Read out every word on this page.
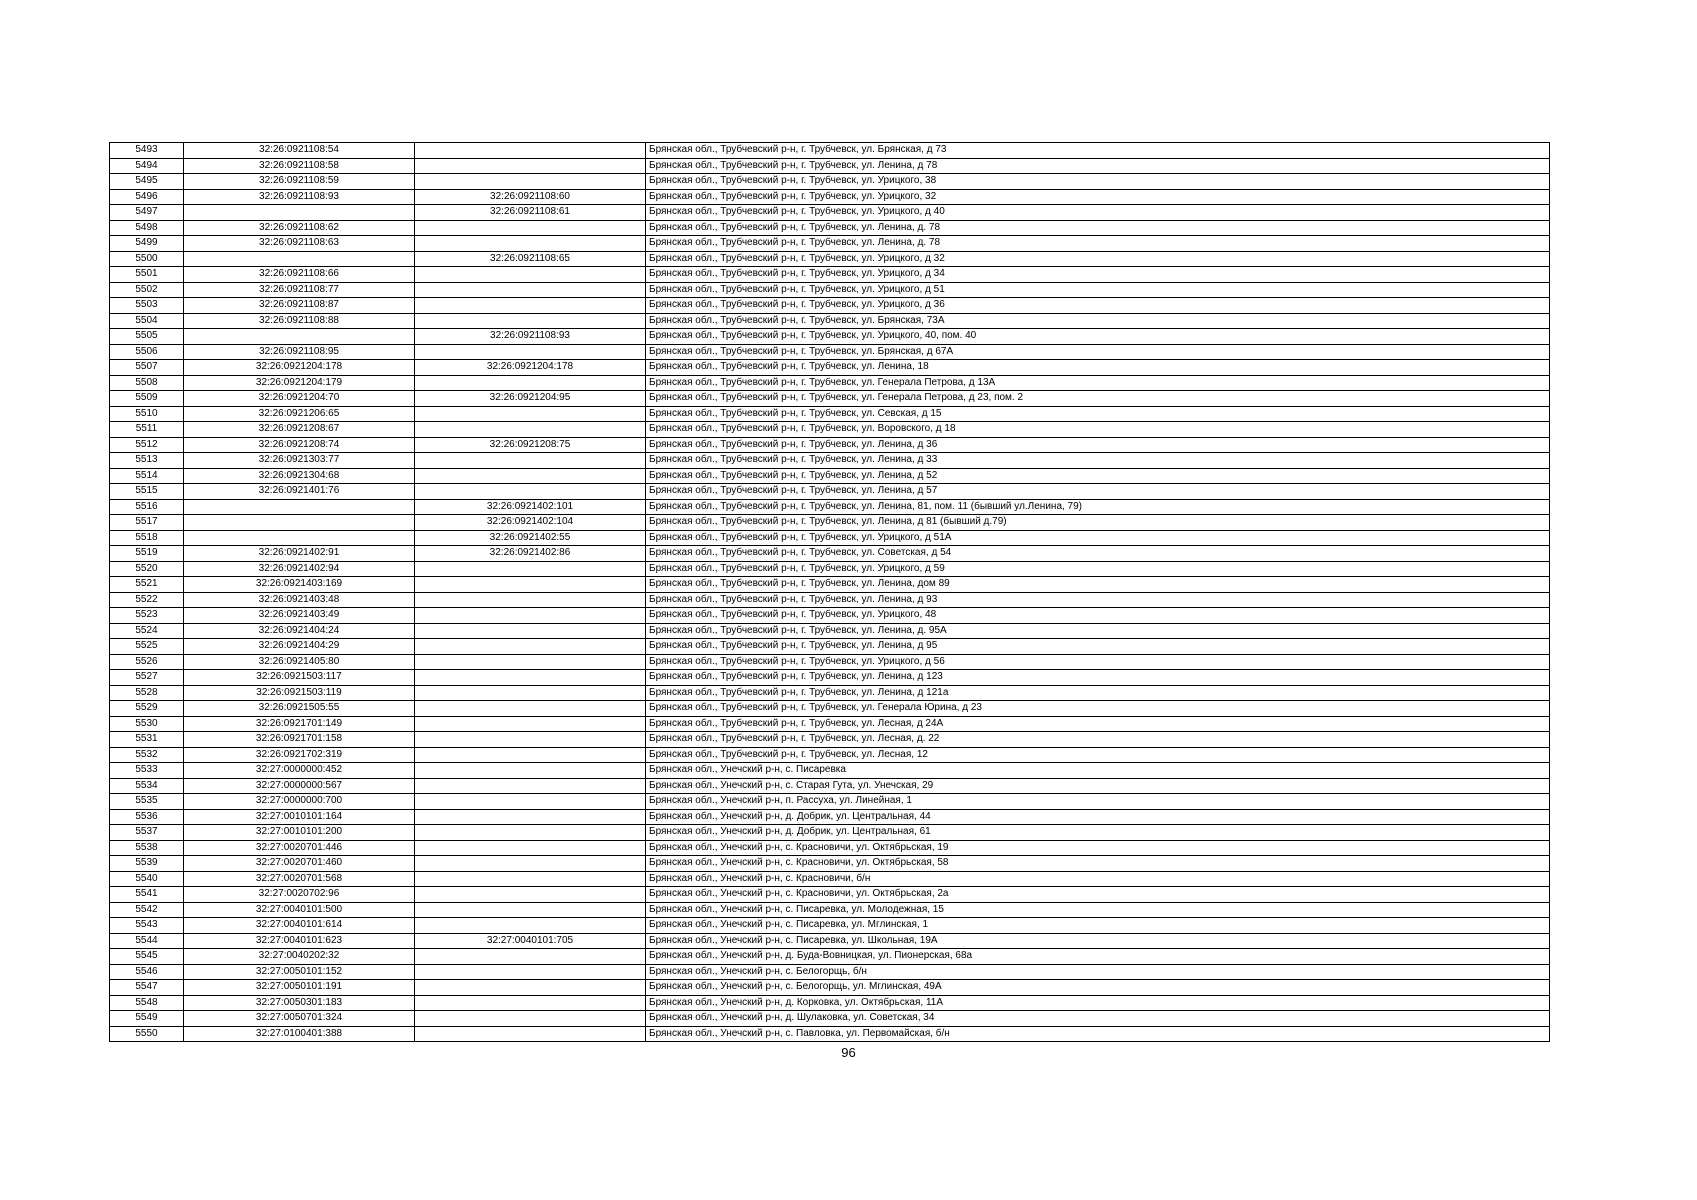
5493	32:26:0921108:54		Брянская обл., Трубчевский р-н, г. Трубчевск, ул. Брянская, д 73
5494	32:26:0921108:58		Брянская обл., Трубчевский р-н, г. Трубчевск, ул. Ленина, д 78
5495	32:26:0921108:59		Брянская обл., Трубчевский р-н, г. Трубчевск, ул. Урицкого, 38
5496	32:26:0921108:93	32:26:0921108:60	Брянская обл., Трубчевский р-н, г. Трубчевск, ул. Урицкого, 32
5497		32:26:0921108:61	Брянская обл., Трубчевский р-н, г. Трубчевск, ул. Урицкого, д 40
5498	32:26:0921108:62		Брянская обл., Трубчевский р-н, г. Трубчевск, ул. Ленина, д. 78
5499	32:26:0921108:63		Брянская обл., Трубчевский р-н, г. Трубчевск, ул. Ленина, д. 78
5500		32:26:0921108:65	Брянская обл., Трубчевский р-н, г. Трубчевск, ул. Урицкого, д 32
5501	32:26:0921108:66		Брянская обл., Трубчевский р-н, г. Трубчевск, ул. Урицкого, д 34
5502	32:26:0921108:77		Брянская обл., Трубчевский р-н, г. Трубчевск, ул. Урицкого, д 51
5503	32:26:0921108:87		Брянская обл., Трубчевский р-н, г. Трубчевск, ул. Урицкого, д 36
5504	32:26:0921108:88		Брянская обл., Трубчевский р-н, г. Трубчевск, ул. Брянская, 73А
5505		32:26:0921108:93	Брянская обл., Трубчевский р-н, г. Трубчевск, ул. Урицкого, 40, пом. 40
5506	32:26:0921108:95		Брянская обл., Трубчевский р-н, г. Трубчевск, ул. Брянская, д 67А
5507	32:26:0921204:178	32:26:0921204:178	Брянская обл., Трубчевский р-н, г. Трубчевск, ул. Ленина, 18
5508	32:26:0921204:179		Брянская обл., Трубчевский р-н, г. Трубчевск, ул. Генерала Петрова, д 13А
5509	32:26:0921204:70	32:26:0921204:95	Брянская обл., Трубчевский р-н, г. Трубчевск, ул. Генерала Петрова, д 23, пом. 2
5510	32:26:0921206:65		Брянская обл., Трубчевский р-н, г. Трубчевск, ул. Севская, д 15
5511	32:26:0921208:67		Брянская обл., Трубчевский р-н, г. Трубчевск, ул. Воровского, д 18
5512	32:26:0921208:74	32:26:0921208:75	Брянская обл., Трубчевский р-н, г. Трубчевск, ул. Ленина, д 36
5513	32:26:0921303:77		Брянская обл., Трубчевский р-н, г. Трубчевск, ул. Ленина, д 33
5514	32:26:0921304:68		Брянская обл., Трубчевский р-н, г. Трубчевск, ул. Ленина, д 52
5515	32:26:0921401:76		Брянская обл., Трубчевский р-н, г. Трубчевск, ул. Ленина, д 57
5516		32:26:0921402:101	Брянская обл., Трубчевский р-н, г. Трубчевск, ул. Ленина, 81, пом. 11 (бывший ул.Ленина, 79)
5517		32:26:0921402:104	Брянская обл., Трубчевский р-н, г. Трубчевск, ул. Ленина, д 81 (бывший д.79)
5518		32:26:0921402:55	Брянская обл., Трубчевский р-н, г. Трубчевск, ул. Урицкого, д 51А
5519	32:26:0921402:91	32:26:0921402:86	Брянская обл., Трубчевский р-н, г. Трубчевск, ул. Советская, д 54
5520	32:26:0921402:94		Брянская обл., Трубчевский р-н, г. Трубчевск, ул. Урицкого, д 59
5521	32:26:0921403:169		Брянская обл., Трубчевский р-н, г. Трубчевск, ул. Ленина, дом 89
5522	32:26:0921403:48		Брянская обл., Трубчевский р-н, г. Трубчевск, ул. Ленина, д 93
5523	32:26:0921403:49		Брянская обл., Трубчевский р-н, г. Трубчевск, ул. Урицкого, 48
5524	32:26:0921404:24		Брянская обл., Трубчевский р-н, г. Трубчевск, ул. Ленина, д. 95А
5525	32:26:0921404:29		Брянская обл., Трубчевский р-н, г. Трубчевск, ул. Ленина, д 95
5526	32:26:0921405:80		Брянская обл., Трубчевский р-н, г. Трубчевск, ул. Урицкого, д 56
5527	32:26:0921503:117		Брянская обл., Трубчевский р-н, г. Трубчевск, ул. Ленина, д 123
5528	32:26:0921503:119		Брянская обл., Трубчевский р-н, г. Трубчевск, ул. Ленина, д 121а
5529	32:26:0921505:55		Брянская обл., Трубчевский р-н, г. Трубчевск, ул. Генерала Юрина, д 23
5530	32:26:0921701:149		Брянская обл., Трубчевский р-н, г. Трубчевск, ул. Лесная, д 24А
5531	32:26:0921701:158		Брянская обл., Трубчевский р-н, г. Трубчевск, ул. Лесная, д. 22
5532	32:26:0921702:319		Брянская обл., Трубчевский р-н, г. Трубчевск, ул. Лесная, 12
5533	32:27:0000000:452		Брянская обл., Унечский р-н, с. Писаревка
5534	32:27:0000000:567		Брянская обл., Унечский р-н, с. Старая Гута, ул. Унечская, 29
5535	32:27:0000000:700		Брянская обл., Унечский р-н, п. Рассуха, ул. Линейная, 1
5536	32:27:0010101:164		Брянская обл., Унечский р-н, д. Добрик, ул. Центральная, 44
5537	32:27:0010101:200		Брянская обл., Унечский р-н, д. Добрик, ул. Центральная, 61
5538	32:27:0020701:446		Брянская обл., Унечский р-н, с. Красновичи, ул. Октябрьская, 19
5539	32:27:0020701:460		Брянская обл., Унечский р-н, с. Красновичи, ул. Октябрьская, 58
5540	32:27:0020701:568		Брянская обл., Унечский р-н, с. Красновичи, б/н
5541	32:27:0020702:96		Брянская обл., Унечский р-н, с. Красновичи, ул. Октябрьская, 2а
5542	32:27:0040101:500		Брянская обл., Унечский р-н, с. Писаревка, ул. Молодежная, 15
5543	32:27:0040101:614		Брянская обл., Унечский р-н, с. Писаревка, ул. Мглинская, 1
5544	32:27:0040101:623	32:27:0040101:705	Брянская обл., Унечский р-н, с. Писаревка, ул. Школьная, 19А
5545	32:27:0040202:32		Брянская обл., Унечский р-н, д. Буда-Вовницкая, ул. Пионерская, 68а
5546	32:27:0050101:152		Брянская обл., Унечский р-н, с. Белогорщь, б/н
5547	32:27:0050101:191		Брянская обл., Унечский р-н, с. Белогорщь, ул. Мглинская, 49А
5548	32:27:0050301:183		Брянская обл., Унечский р-н, д. Корковка, ул. Октябрьская, 11А
5549	32:27:0050701:324		Брянская обл., Унечский р-н, д. Шулаковка, ул. Советская, 34
5550	32:27:0100401:388		Брянская обл., Унечский р-н, с. Павловка, ул. Первомайская, б/н
96
